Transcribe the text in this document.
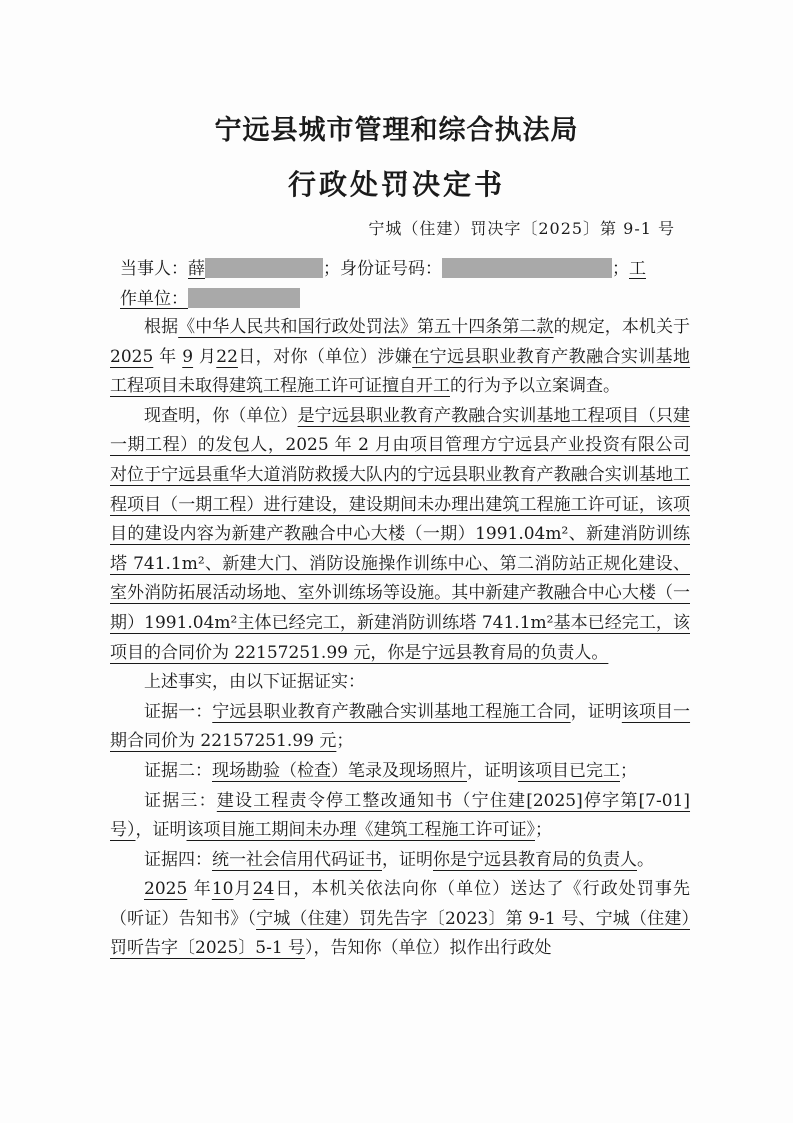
宁远县城市管理和综合执法局
行政处罚决定书
宁城（住建）罚决字〔2025〕第 9-1 号
当事人：薛	；身份证号码：	；工
作单位：

根据《中华人民共和国行政处罚法》第五十四条第二款的规定，本机关于2025 年 9 月22日，对你（单位）涉嫌在宁远县职业教育产教融合实训基地工程项目未取得建筑工程施工许可证擅自开工的行为予以立案调查。

现查明，你（单位）是宁远县职业教育产教融合实训基地工程项目（只建一期工程）的发包人，2025 年 2 月由项目管理方宁远县产业投资有限公司对位于宁远县重华大道消防救援大队内的宁远县职业教育产教融合实训基地工程项目（一期工程）进行建设，建设期间未办理出建筑工程施工许可证，该项目的建设内容为新建产教融合中心大楼（一期）1991.04m²、新建消防训练塔 741.1m²、新建大门、消防设施操作训练中心、第二消防站正规化建设、室外消防拓展活动场地、室外训练场等设施。其中新建产教融合中心大楼（一期）1991.04m²主体已经完工，新建消防训练塔 741.1m²基本已经完工，该项目的合同价为 22157251.99 元，你是宁远县教育局的负责人。

上述事实，由以下证据证实：

证据一：宁远县职业教育产教融合实训基地工程施工合同，证明该项目一期合同价为 22157251.99 元；

证据二：现场勘验（检查）笔录及现场照片，证明该项目已完工；

证据三：建设工程责令停工整改通知书（宁住建[2025]停字第[7-01]号），证明该项目施工期间未办理《建筑工程施工许可证》；

证据四：统一社会信用代码证书，证明你是宁远县教育局的负责人。

2025 年10月24日，本机关依法向你（单位）送达了《行政处罚事先（听证）告知书》（宁城（住建）罚先告字〔2023〕第 9-1 号、宁城（住建）罚听告字〔2025〕5-1 号），告知你（单位）拟作出行政处
